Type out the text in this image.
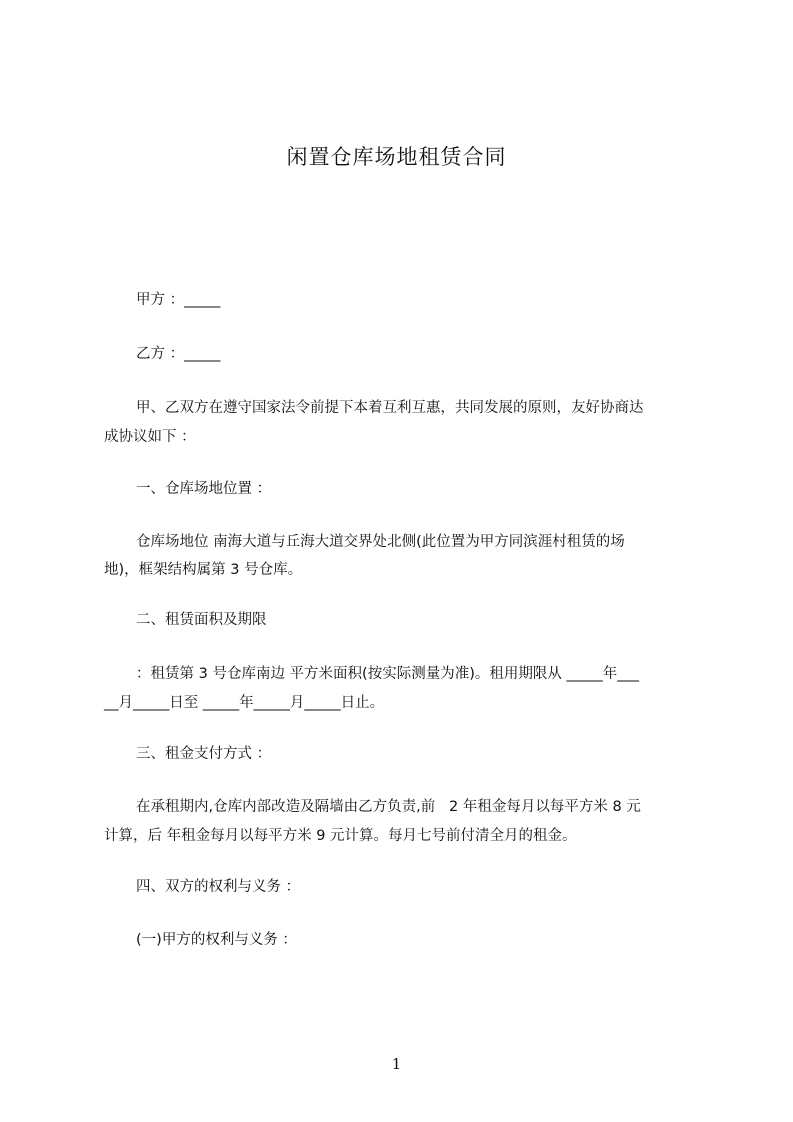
闲置仓库场地租赁合同
甲方 ：_____
乙方 ：_____
甲、乙双方在遵守国家法令前提下本着互利互惠，共同发展的原则，友好协商达
成协议如下 ：
一、仓库场地位置 ：
仓库场地位 南海大道与丘海大道交界处北侧(此位置为甲方同滨涯村租赁的场
地)，框架结构属第 3 号仓库。
二、租赁面积及期限
：租赁第 3 号仓库南边 平方米面积(按实际测量为准)。租用期限从 _____年___
__月_____日至 _____年_____月_____日止。
三、租金支付方式 ：
在承租期内,仓库内部改造及隔墙由乙方负责,前   2 年租金每月以每平方米 8 元
计算，后 年租金每月以每平方米 9 元计算。每月七号前付清全月的租金。
四、双方的权利与义务 ：
(一)甲方的权利与义务 ：
1
